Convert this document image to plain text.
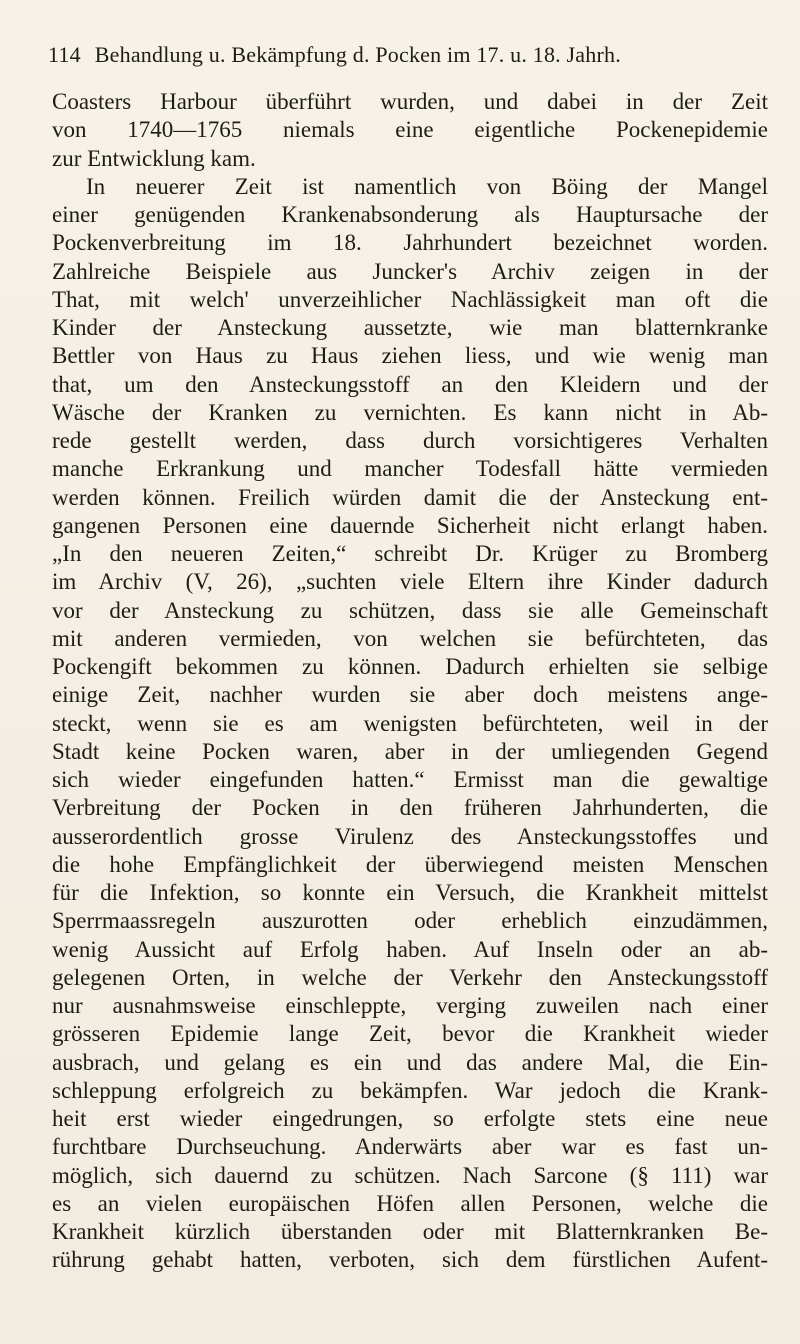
114 Behandlung u. Bekämpfung d. Pocken im 17. u. 18. Jahrh.
Coasters Harbour überführt wurden, und dabei in der Zeit
von 1740—1765 niemals eine eigentliche Pockenepidemie
zur Entwicklung kam.
In neuerer Zeit ist namentlich von Böing der Mangel
einer genügenden Krankenabsonderung als Hauptursache der
Pockenverbreitung im 18. Jahrhundert bezeichnet worden.
Zahlreiche Beispiele aus Juncker's Archiv zeigen in der
That, mit welch' unverzeihlicher Nachlässigkeit man oft die
Kinder der Ansteckung aussetzte, wie man blatternkranke
Bettler von Haus zu Haus ziehen liess, und wie wenig man
that, um den Ansteckungsstoff an den Kleidern und der
Wäsche der Kranken zu vernichten. Es kann nicht in Ab-
rede gestellt werden, dass durch vorsichtigeres Verhalten
manche Erkrankung und mancher Todesfall hätte vermieden
werden können. Freilich würden damit die der Ansteckung ent-
gangenen Personen eine dauernde Sicherheit nicht erlangt haben.
„In den neueren Zeiten,“ schreibt Dr. Krüger zu Bromberg
im Archiv (V, 26), „suchten viele Eltern ihre Kinder dadurch
vor der Ansteckung zu schützen, dass sie alle Gemeinschaft
mit anderen vermieden, von welchen sie befürchteten, das
Pockengift bekommen zu können. Dadurch erhielten sie selbige
einige Zeit, nachher wurden sie aber doch meistens ange-
steckt, wenn sie es am wenigsten befürchteten, weil in der
Stadt keine Pocken waren, aber in der umliegenden Gegend
sich wieder eingefunden hatten.“ Ermisst man die gewaltige
Verbreitung der Pocken in den früheren Jahrhunderten, die
ausserordentlich grosse Virulenz des Ansteckungsstoffes und
die hohe Empfänglichkeit der überwiegend meisten Menschen
für die Infektion, so konnte ein Versuch, die Krankheit mittelst
Sperrmaassregeln auszurotten oder erheblich einzudämmen,
wenig Aussicht auf Erfolg haben. Auf Inseln oder an ab-
gelegenen Orten, in welche der Verkehr den Ansteckungsstoff
nur ausnahmsweise einschleppte, verging zuweilen nach einer
grösseren Epidemie lange Zeit, bevor die Krankheit wieder
ausbrach, und gelang es ein und das andere Mal, die Ein-
schleppung erfolgreich zu bekämpfen. War jedoch die Krank-
heit erst wieder eingedrungen, so erfolgte stets eine neue
furchtbare Durchseuchung. Anderwärts aber war es fast un-
möglich, sich dauernd zu schützen. Nach Sarcone (§ 111) war
es an vielen europäischen Höfen allen Personen, welche die
Krankheit kürzlich überstanden oder mit Blatternkranken Be-
rührung gehabt hatten, verboten, sich dem fürstlichen Aufent-
